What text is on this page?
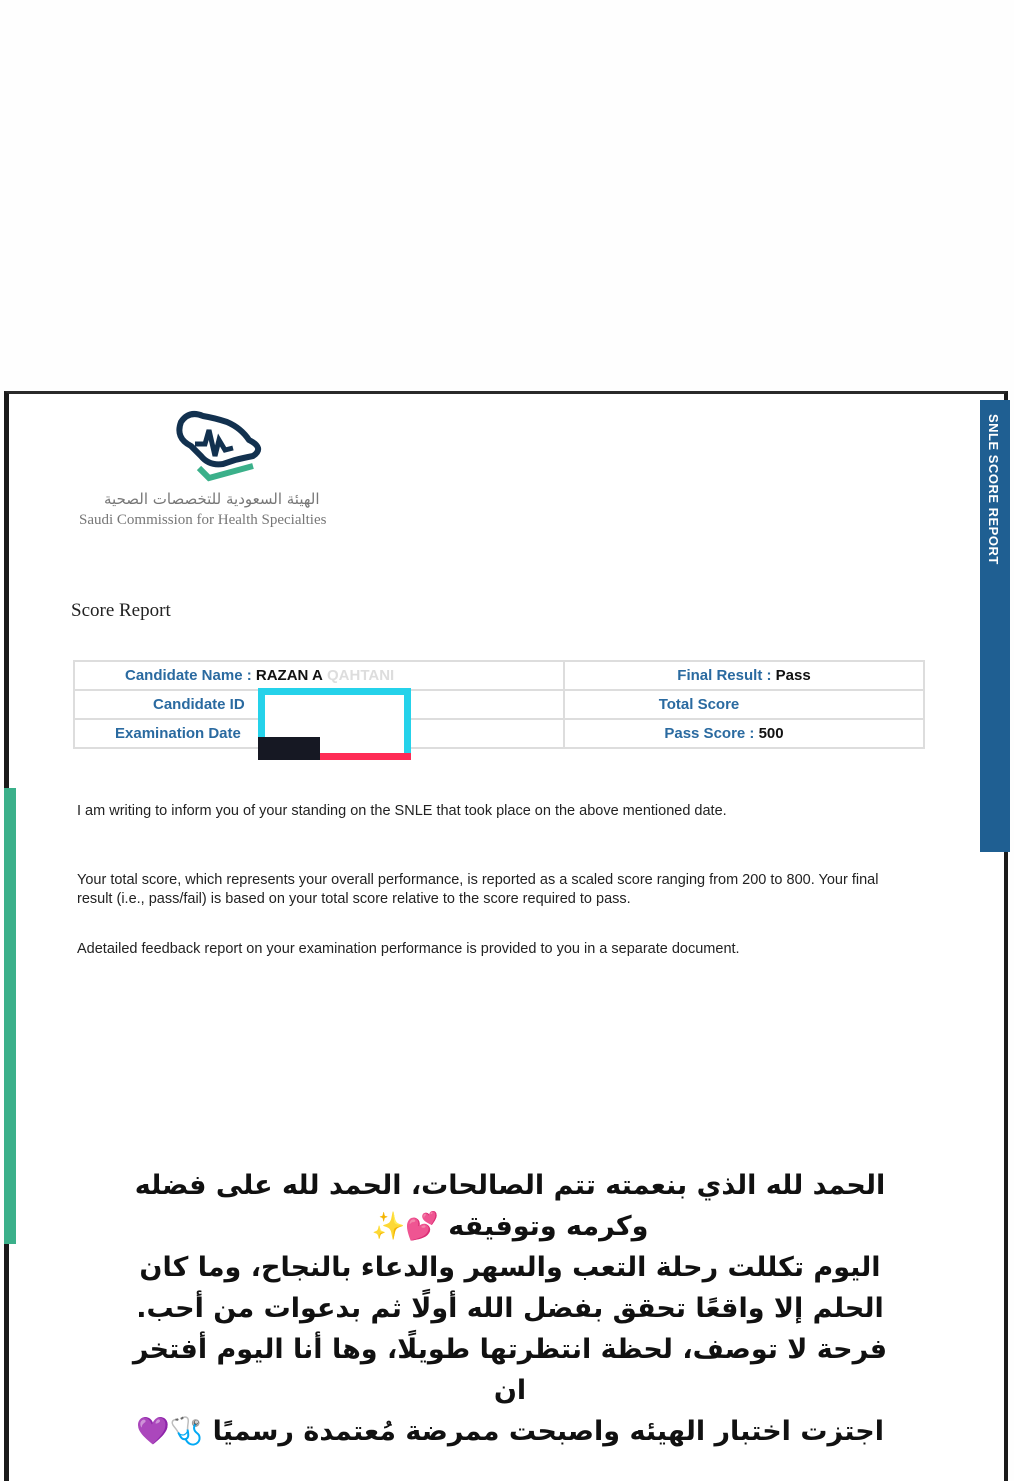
SNLE SCORE REPORT
الهيئة السعودية للتخصصات الصحية
Saudi Commission for Health Specialties
Score Report
Candidate Name : RAZAN A QAHTANI	Final Result : Pass

Candidate ID	Total Score

Examination Date	Pass Score : 500

I am writing to inform you of your standing on the SNLE that took place on the above mentioned date.

Your total score, which represents your overall performance, is reported as a scaled score ranging from 200 to 800. Your final result (i.e., pass/fail) is based on your total score relative to the score required to pass.

Adetailed feedback report on your examination performance is provided to you in a separate document.

الحمد لله الذي بنعمته تتم الصالحات، الحمد لله على فضله
وكرمه وتوفيقه 💕✨
اليوم تكللت رحلة التعب والسهر والدعاء بالنجاح، وما كان
الحلم إلا واقعًا تحقق بفضل الله أولًا ثم بدعوات من أحب.
فرحة لا توصف، لحظة انتظرتها طويلًا، وها أنا اليوم أفتخر ان
اجتزت اختبار الهيئه واصبحت ممرضة مُعتمدة رسميًا 🩺💜
